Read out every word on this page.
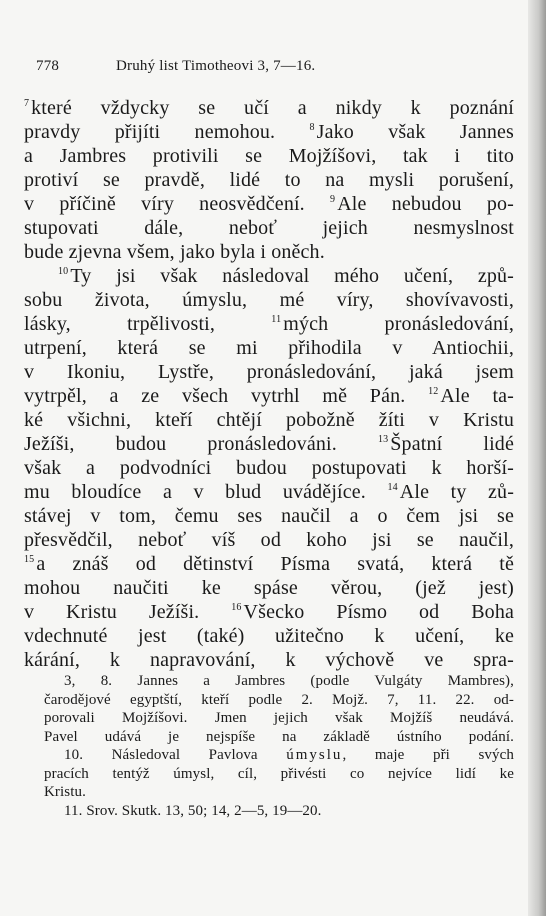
778	Druhý list Timotheovi 3, 7—16.
$^7$ které vždycky se učí a nikdy k poznání
pravdy přijíti nemohou. $^8$ Jako však Jannes
a Jambres protivili se Mojžíšovi, tak i tito
protiví se pravdě, lidé to na mysli porušení,
v příčině víry neosvědčení. $^9$ Ale nebudou po-
stupovati dále, neboť jejich nesmyslnost
bude zjevna všem, jako byla i oněch.
$^{10}$ Ty jsi však následoval mého učení, způ-
sobu života, úmyslu, mé víry, shovívavosti,
lásky, trpělivosti, $^{11}$ mých pronásledování,
utrpení, která se mi přihodila v Antiochii,
v Ikoniu, Lystře, pronásledování, jaká jsem
vytrpěl, a ze všech vytrhl mě Pán. $^{12}$ Ale ta-
ké všichni, kteří chtějí pobožně žíti v Kristu
Ježíši, budou pronásledováni. $^{13}$ Špatní lidé
však a podvodníci budou postupovati k horší-
mu bloudíce a v blud uvádějíce. $^{14}$ Ale ty zů-
stávej v tom, čemu ses naučil a o čem jsi se
přesvědčil, neboť víš od koho jsi se naučil,
$^{15}$ a znáš od dětinství Písma svatá, která tě
mohou naučiti ke spáse věrou, (jež jest)
v Kristu Ježíši. $^{16}$ Všecko Písmo od Boha
vdechnuté jest (také) užitečno k učení, ke
kárání, k napravování, k výchově ve spra-
3, 8. Jannes a Jambres (podle Vulgáty Mambres),
čarodějové egyptští, kteří podle 2. Mojž. 7, 11. 22. od-
porovali Mojžíšovi. Jmen jejich však Mojžíš neudává.
Pavel udává je nejspíše na základě ústního podání.
10. Následoval Pavlova úmyslu, maje při svých
pracích tentýž úmysl, cíl, přivésti co nejvíce lidí ke
Kristu.
11. Srov. Skutk. 13, 50; 14, 2—5, 19—20.
